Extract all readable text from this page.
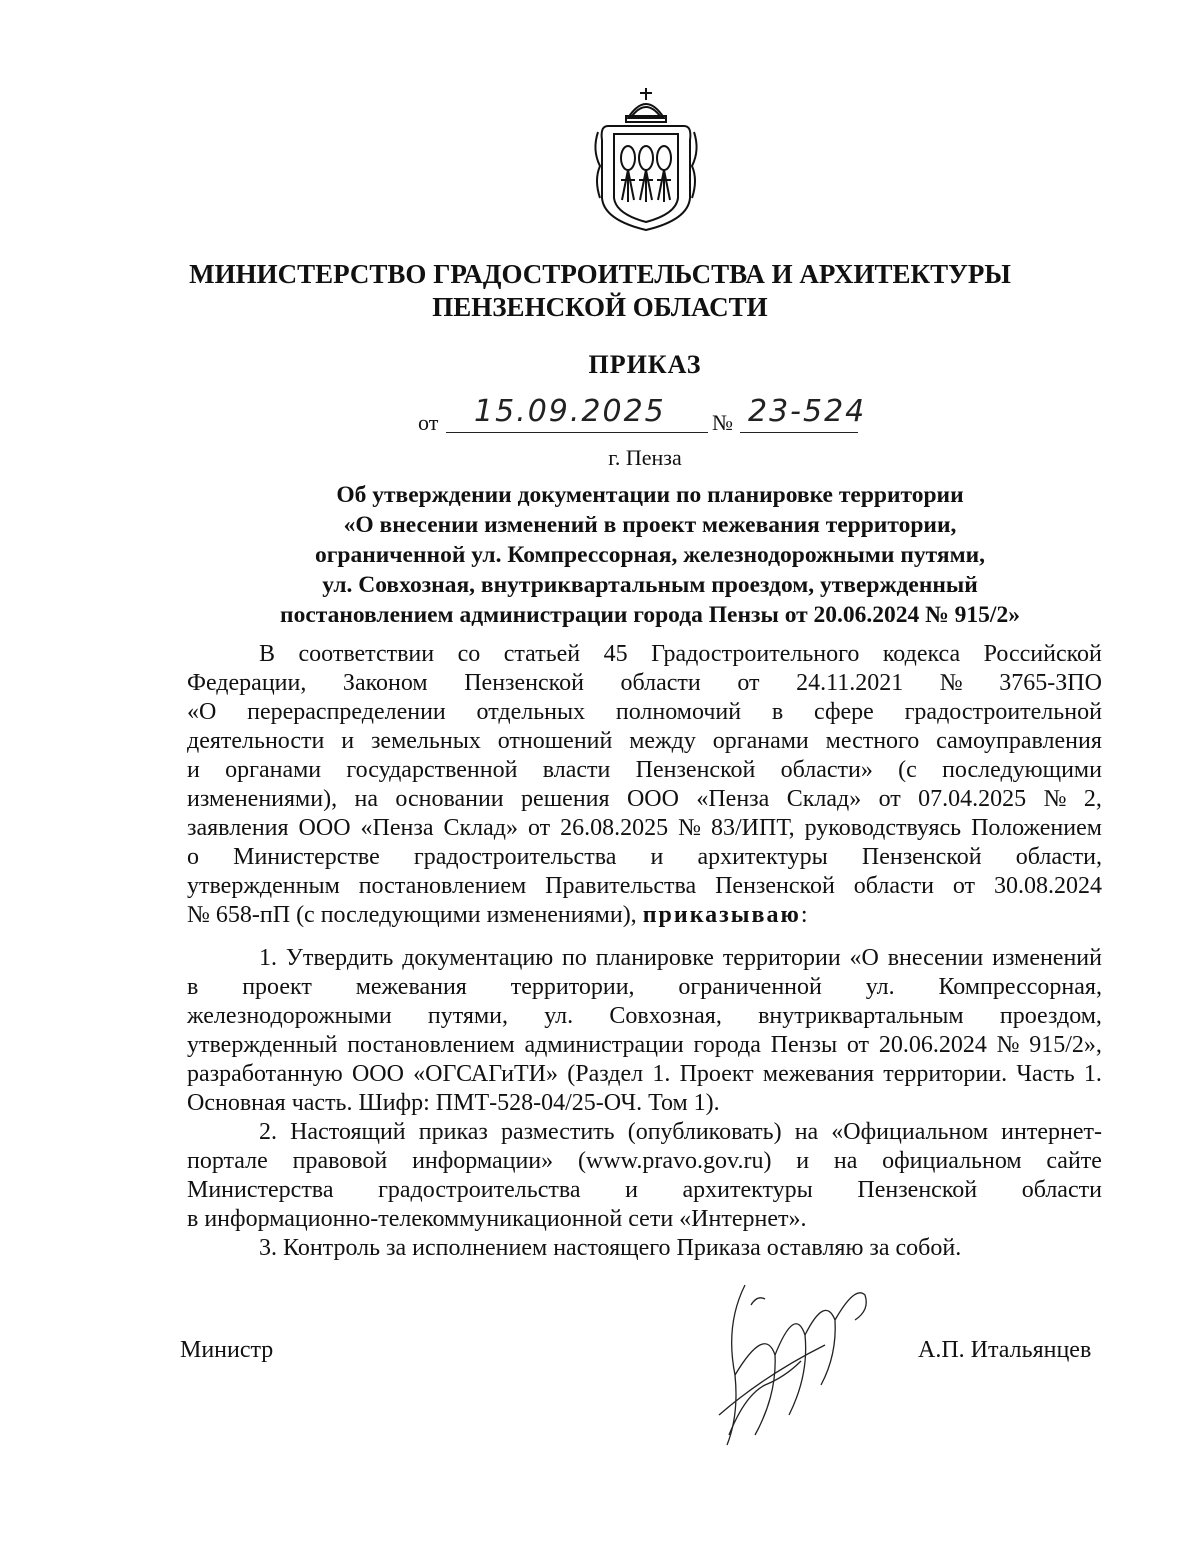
МИНИСТЕРСТВО ГРАДОСТРОИТЕЛЬСТВА И АРХИТЕКТУРЫ
ПЕНЗЕНСКОЙ ОБЛАСТИ
ПРИКАЗ
от 15.09.2025 № 23-524
г. Пенза
Об утверждении документации по планировке территории
«О внесении изменений в проект межевания территории,
ограниченной ул. Компрессорная, железнодорожными путями,
ул. Совхозная, внутриквартальным проездом, утвержденный
постановлением администрации города Пензы от 20.06.2024 № 915/2»
В соответствии со статьей 45 Градостроительного кодекса Российской
Федерации, Законом Пензенской области от 24.11.2021 № 3765-ЗПО
«О перераспределении отдельных полномочий в сфере градостроительной
деятельности и земельных отношений между органами местного самоуправления
и органами государственной власти Пензенской области» (с последующими
изменениями), на основании решения ООО «Пенза Склад» от 07.04.2025 № 2,
заявления ООО «Пенза Склад» от 26.08.2025 № 83/ИПТ, руководствуясь Положением
о Министерстве градостроительства и архитектуры Пензенской области,
утвержденным постановлением Правительства Пензенской области от 30.08.2024
№ 658-пП (с последующими изменениями), приказываю:
1. Утвердить документацию по планировке территории «О внесении изменений
в проект межевания территории, ограниченной ул. Компрессорная,
железнодорожными путями, ул. Совхозная, внутриквартальным проездом,
утвержденный постановлением администрации города Пензы от 20.06.2024 № 915/2»,
разработанную ООО «ОГСАГиТИ» (Раздел 1. Проект межевания территории. Часть 1.
Основная часть. Шифр: ПМТ-528-04/25-ОЧ. Том 1).
2. Настоящий приказ разместить (опубликовать) на «Официальном интернет-
портале правовой информации» (www.pravo.gov.ru) и на официальном сайте
Министерства градостроительства и архитектуры Пензенской области
в информационно-телекоммуникационной сети «Интернет».
3. Контроль за исполнением настоящего Приказа оставляю за собой.
Министр	А.П. Итальянцев
